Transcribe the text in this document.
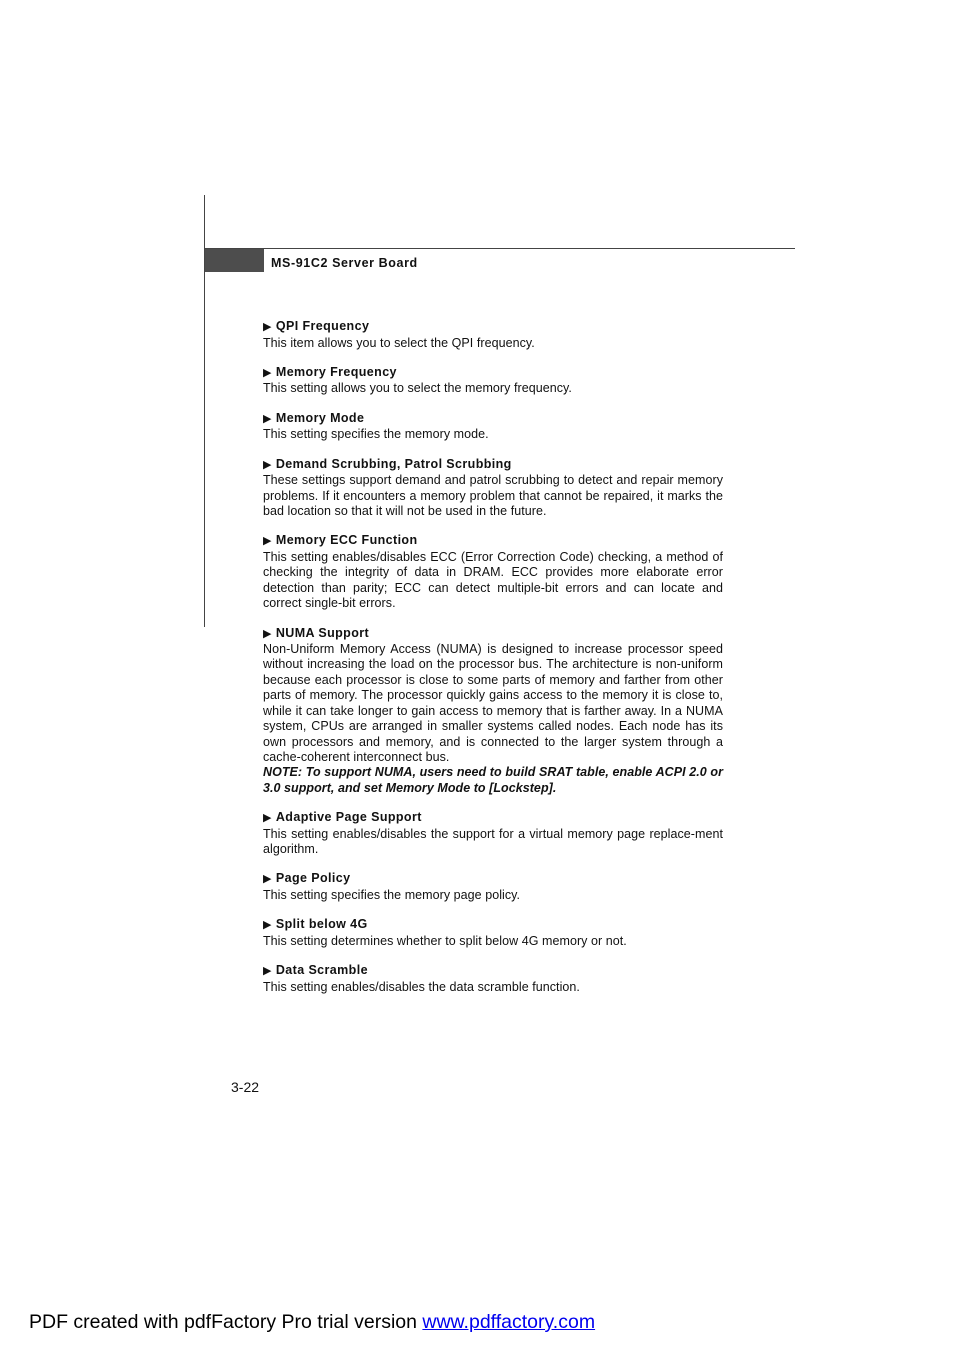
MS-91C2 Server Board

▶ QPI Frequency

This item allows you to select the QPI frequency.

▶ Memory Frequency

This setting allows you to select the memory frequency.

▶ Memory Mode

This setting specifies the memory mode.

▶ Demand Scrubbing, Patrol Scrubbing

These settings support demand and patrol scrubbing to detect and repair memory problems. If it encounters a memory problem that cannot be repaired, it marks the bad location so that it will not be used in the future.

▶ Memory ECC Function

This setting enables/disables ECC (Error Correction Code) checking, a method of checking the integrity of data in DRAM. ECC provides more elaborate error detection than parity; ECC can detect multiple-bit errors and can locate and correct single-bit errors.

▶ NUMA Support

Non-Uniform Memory Access (NUMA) is designed to increase processor speed without increasing the load on the processor bus. The architecture is non-uniform because each processor is close to some parts of memory and farther from other parts of memory. The processor quickly gains access to the memory it is close to, while it can take longer to gain access to memory that is farther away. In a NUMA system, CPUs are arranged in smaller systems called nodes. Each node has its own processors and memory, and is connected to the larger system through a cache-coherent interconnect bus.

NOTE: To support NUMA, users need to build SRAT table, enable ACPI 2.0 or 3.0 support, and set Memory Mode to [Lockstep].

▶ Adaptive Page Support

This setting enables/disables the support for a virtual memory page replace-ment algorithm.

▶ Page Policy

This setting specifies the memory page policy.

▶ Split below 4G

This setting determines whether to split below 4G memory or not.

▶ Data Scramble

This setting enables/disables the data scramble function.

3-22
PDF created with pdfFactory Pro trial version www.pdffactory.com
